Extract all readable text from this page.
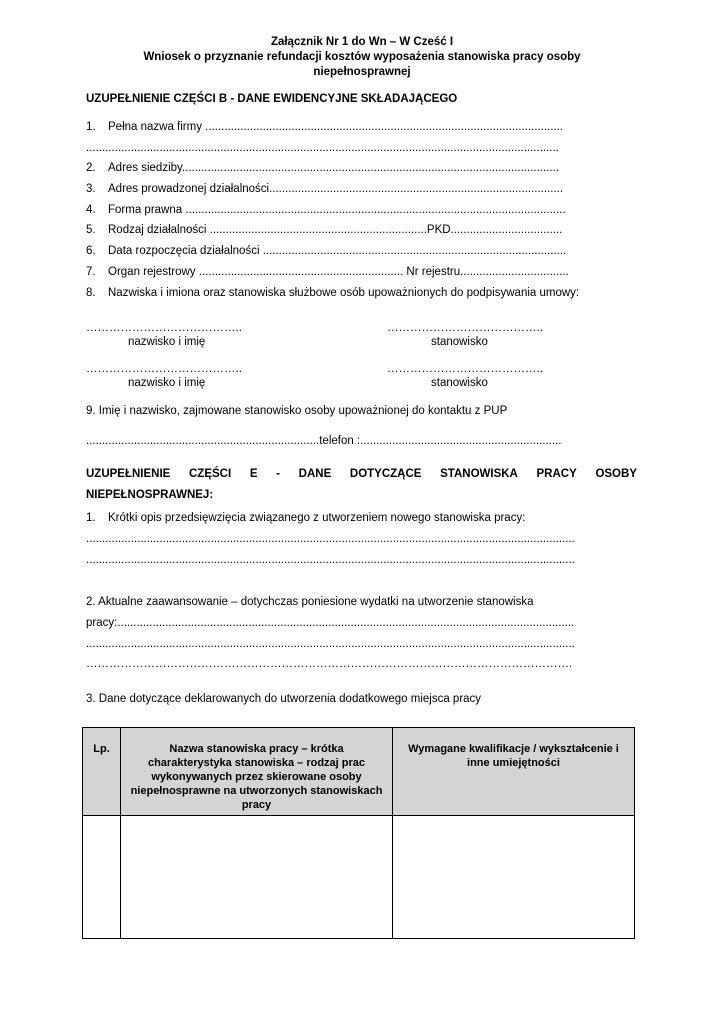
Załącznik Nr 1 do Wn – W Cześć I
Wniosek o przyznanie refundacji kosztów wyposażenia stanowiska pracy osoby
niepełnosprawnej
UZUPEŁNIENIE CZĘŚCI B - DANE EWIDENCYJNE SKŁADAJĄCEGO
1. Pełna nazwa firmy ................................................................................................................
....................................................................................................................................................
2. Adres siedziby......................................................................................................................
3. Adres prowadzonej działalności............................................................................................
4. Forma prawna .......................................................................................................................
5. Rodzaj działalności ....................................................................PKD...................................
6. Data rozpoczęcia działalności ...............................................................................................
7. Organ rejestrowy ................................................................ Nr rejestru..................................
8. Nazwiska i imiona oraz stanowiska służbowe osób upoważnionych do podpisywania umowy:
…………………………………..	…………………………………..
nazwisko i imię	stanowisko
…………………………………..	…………………………………..
nazwisko i imię	stanowisko
9. Imię i nazwisko, zajmowane stanowisko osoby upoważnionej do kontaktu z PUP
.........................................................................telefon :...............................................................
UZUPEŁNIENIE CZĘŚCI E - DANE DOTYCZĄCE STANOWISKA PRACY OSOBY
NIEPEŁNOSPRAWNEJ:
1. Krótki opis przedsięwzięcia związanego z utworzeniem nowego stanowiska pracy:
.........................................................................................................................................................
.........................................................................................................................................................
2. Aktualne zaawansowanie – dotychczas poniesione wydatki na utworzenie stanowiska
pracy:...............................................................................................................................................
.........................................................................................................................................................
……………………………………………………………………………………………………………….
3. Dane dotyczące deklarowanych do utworzenia dodatkowego miejsca pracy
Lp.	Nazwa stanowiska pracy – krótka charakterystyka stanowiska – rodzaj prac wykonywanych przez skierowane osoby niepełnosprawne na utworzonych stanowiskach pracy	Wymagane kwalifikacje / wykształcenie i inne umiejętności
